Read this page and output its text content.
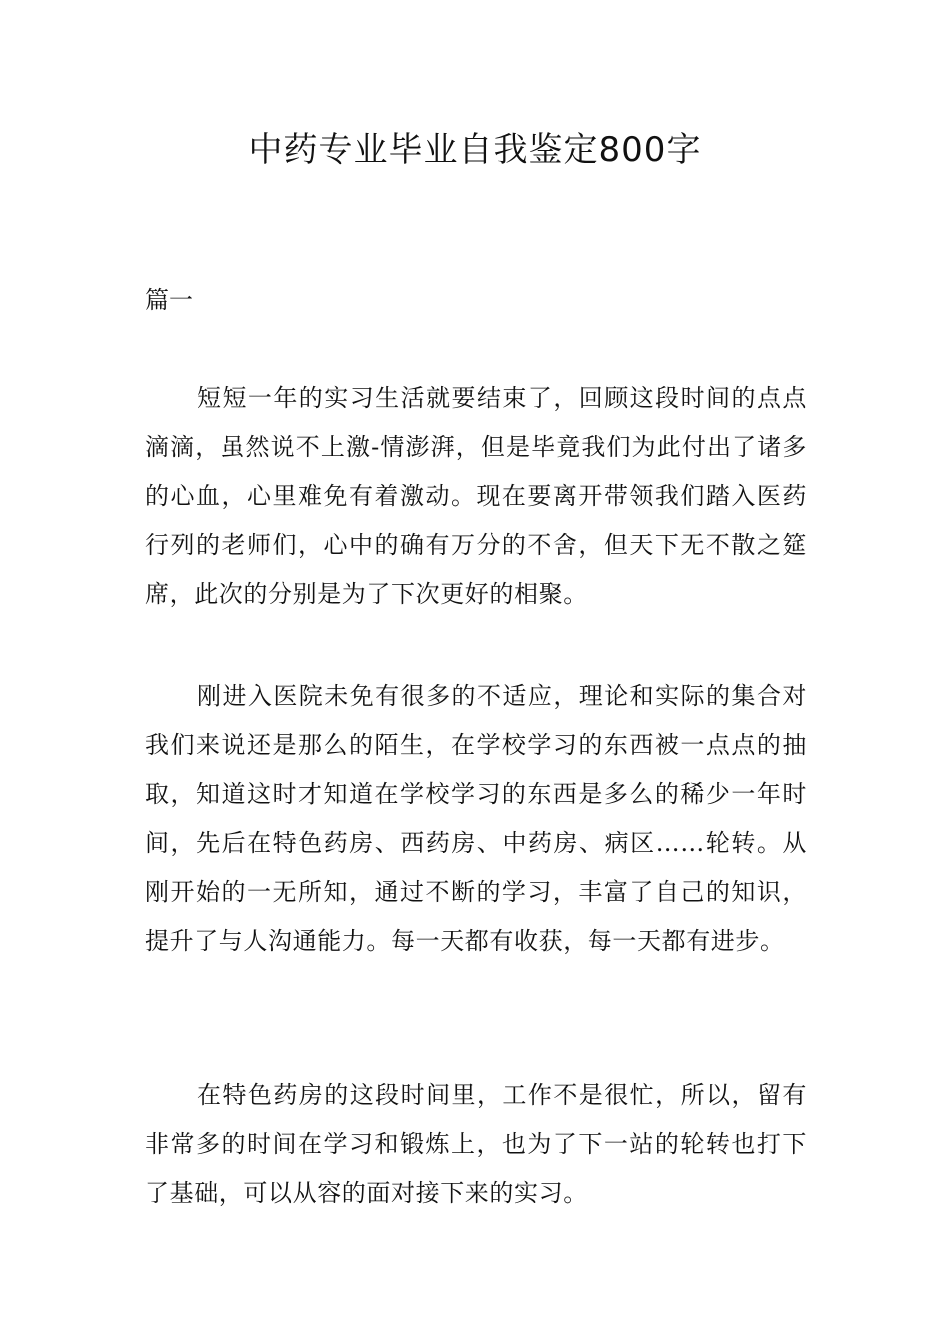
中药专业毕业自我鉴定800字
篇一

短短一年的实习生活就要结束了，回顾这段时间的点点滴滴，虽然说不上激-情澎湃，但是毕竟我们为此付出了诸多的心血，心里难免有着激动。现在要离开带领我们踏入医药行列的老师们，心中的确有万分的不舍，但天下无不散之筵席，此次的分别是为了下次更好的相聚。

刚进入医院未免有很多的不适应，理论和实际的集合对我们来说还是那么的陌生，在学校学习的东西被一点点的抽取，知道这时才知道在学校学习的东西是多么的稀少一年时间，先后在特色药房、西药房、中药房、病区……轮转。从刚开始的一无所知，通过不断的学习，丰富了自己的知识，提升了与人沟通能力。每一天都有收获，每一天都有进步。

在特色药房的这段时间里，工作不是很忙，所以，留有非常多的时间在学习和锻炼上，也为了下一站的轮转也打下了基础，可以从容的面对接下来的实习。
